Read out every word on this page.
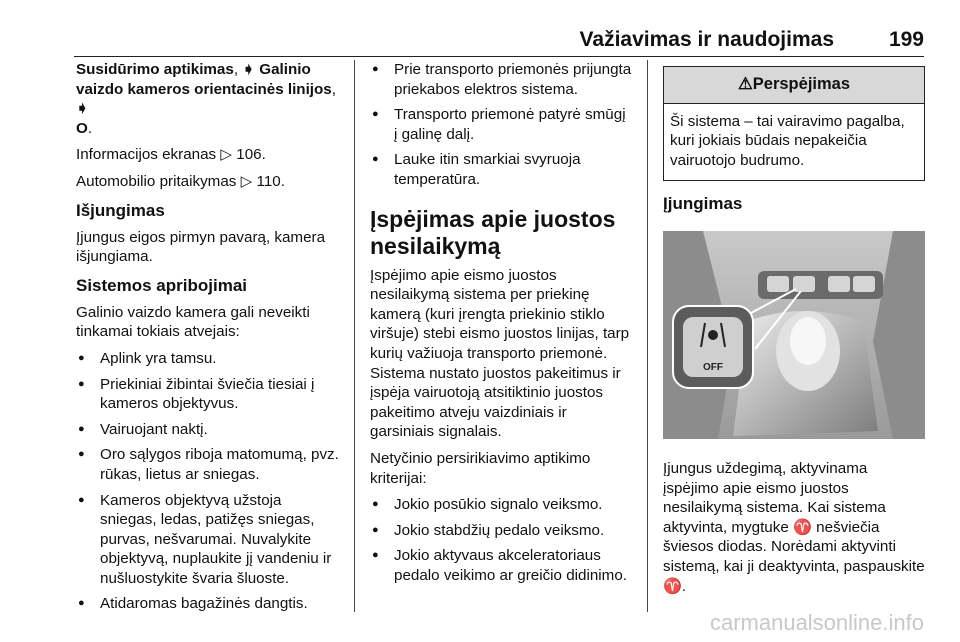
Važiavimas ir naudojimas	199

Susidūrimo aptikimas, ➧ Galinio vaizdo kameros orientacinės linijos, ➧
O.

Informacijos ekranas ▷ 106.

Automobilio pritaikymas ▷ 110.

Išjungimas

Įjungus eigos pirmyn pavarą, kamera išjungiama.

Sistemos apribojimai

Galinio vaizdo kamera gali neveikti tinkamai tokiais atvejais:

● Aplink yra tamsu.
● Priekiniai žibintai šviečia tiesiai į kameros objektyvus.
● Vairuojant naktį.
● Oro sąlygos riboja matomumą, pvz. rūkas, lietus ar sniegas.
● Kameros objektyvą užstoja sniegas, ledas, patižęs sniegas, purvas, nešvarumai. Nuvalykite objektyvą, nuplaukite jį vandeniu ir nušluostykite švaria šluoste.
● Atidaromas bagažinės dangtis.
● Prie transporto priemonės prijungta priekabos elektros sistema.
● Transporto priemonė patyrė smūgį į galinę dalį.
● Lauke itin smarkiai svyruoja temperatūra.
Įspėjimas apie juostos nesilaikymą

Įspėjimo apie eismo juostos nesilaikymą sistema per priekinę kamerą (kuri įrengta priekinio stiklo viršuje) stebi eismo juostos linijas, tarp kurių važiuoja transporto priemonė. Sistema nustato juostos pakeitimus ir įspėja vairuotoją atsitiktinio juostos pakeitimo atveju vaizdiniais ir garsiniais signalais.

Netyčinio persirikiavimo aptikimo kriterijai:

● Jokio posūkio signalo veiksmo.
● Jokio stabdžių pedalo veiksmo.
● Jokio aktyvaus akceleratoriaus pedalo veikimo ar greičio didinimo.
⚠Perspėjimas
Ši sistema – tai vairavimo pagalba, kuri jokiais būdais nepakeičia vairuotojo budrumo.
Įjungimas
OFF

Įjungus uždegimą, aktyvinama įspėjimo apie eismo juostos nesilaikymą sistema. Kai sistema aktyvinta, mygtuke ♈ nešviečia šviesos diodas. Norėdami aktyvinti sistemą, kai ji deaktyvinta, paspauskite ♈.

carmanualsonline.info
